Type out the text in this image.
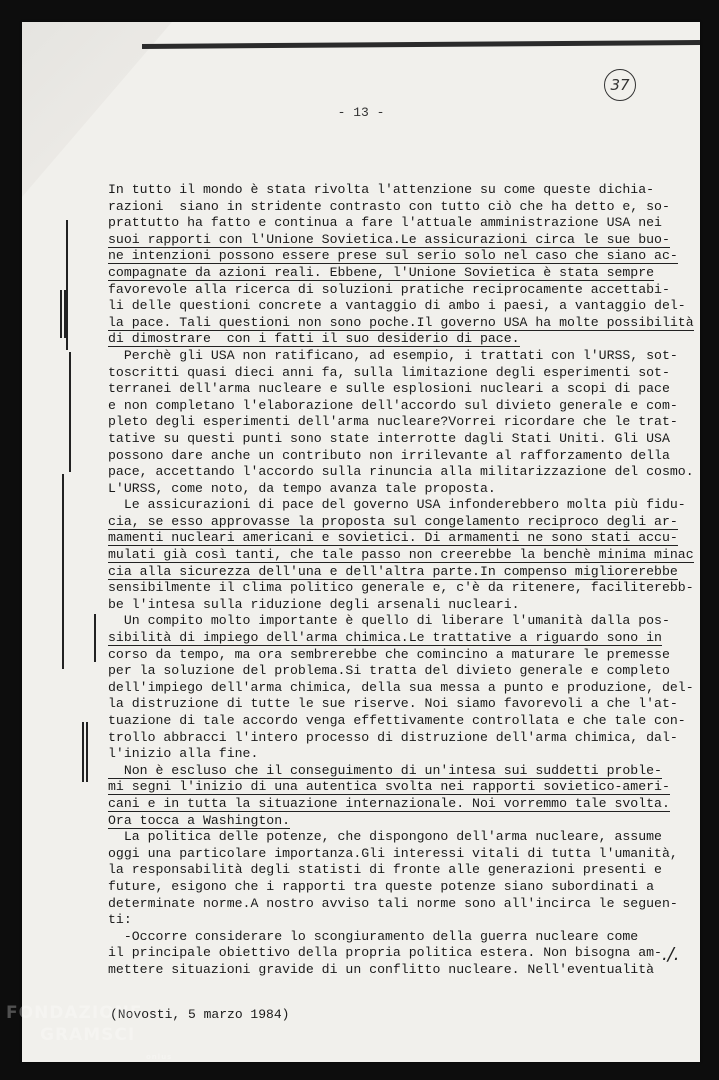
- 13 -
37
In tutto il mondo è stata rivolta l'attenzione su come queste dichia-
razioni  siano in stridente contrasto con tutto ciò che ha detto e, so-
prattutto ha fatto e continua a fare l'attuale amministrazione USA nei
suoi rapporti con l'Unione Sovietica.Le assicurazioni circa le sue buo-
ne intenzioni possono essere prese sul serio solo nel caso che siano ac-
compagnate da azioni reali. Ebbene, l'Unione Sovietica è stata sempre
favorevole alla ricerca di soluzioni pratiche reciprocamente accettabi-
li delle questioni concrete a vantaggio di ambo i paesi, a vantaggio del-
la pace. Tali questioni non sono poche.Il governo USA ha molte possibilità
di dimostrare  con i fatti il suo desiderio di pace.
Perchè gli USA non ratificano, ad esempio, i trattati con l'URSS, sot-
toscritti quasi dieci anni fa, sulla limitazione degli esperimenti sot-
terranei dell'arma nucleare e sulle esplosioni nucleari a scopi di pace
e non completano l'elaborazione dell'accordo sul divieto generale e com-
pleto degli esperimenti dell'arma nucleare?Vorrei ricordare che le trat-
tative su questi punti sono state interrotte dagli Stati Uniti. Gli USA
possono dare anche un contributo non irrilevante al rafforzamento della
pace, accettando l'accordo sulla rinuncia alla militarizzazione del cosmo.
L'URSS, come noto, da tempo avanza tale proposta.
Le assicurazioni di pace del governo USA infonderebbero molta più fidu-
cia, se esso approvasse la proposta sul congelamento reciproco degli ar-
mamenti nucleari americani e sovietici. Di armamenti ne sono stati accu-
mulati già così tanti, che tale passo non creerebbe la benchè minima minac
cia alla sicurezza dell'una e dell'altra parte.In compenso migliorerebbe
sensibilmente il clima politico generale e, c'è da ritenere, faciliterebb-
be l'intesa sulla riduzione degli arsenali nucleari.
Un compito molto importante è quello di liberare l'umanità dalla pos-
sibilità di impiego dell'arma chimica.Le trattative a riguardo sono in
corso da tempo, ma ora sembrerebbe che comincino a maturare le premesse
per la soluzione del problema.Si tratta del divieto generale e completo
dell'impiego dell'arma chimica, della sua messa a punto e produzione, del-
la distruzione di tutte le sue riserve. Noi siamo favorevoli a che l'at-
tuazione di tale accordo venga effettivamente controllata e che tale con-
trollo abbracci l'intero processo di distruzione dell'arma chimica, dal-
l'inizio alla fine.
Non è escluso che il conseguimento di un'intesa sui suddetti proble-
mi segni l'inizio di una autentica svolta nei rapporti sovietico-ameri-
cani e in tutta la situazione internazionale. Noi vorremmo tale svolta.
Ora tocca a Washington.
La politica delle potenze, che dispongono dell'arma nucleare, assume
oggi una particolare importanza.Gli interessi vitali di tutta l'umanità,
la responsabilità degli statisti di fronte alle generazioni presenti e
future, esigono che i rapporti tra queste potenze siano subordinati a
determinate norme.A nostro avviso tali norme sono all'incirca le seguen-
ti:
-Occorre considerare lo scongiuramento della guerra nucleare come
il principale obiettivo della propria politica estera. Non bisogna am-
mettere situazioni gravide di un conflitto nucleare. Nell'eventualità
(Novosti, 5 marzo 1984)
./.
FONDAZIONE
GRAMSCI
onlus
